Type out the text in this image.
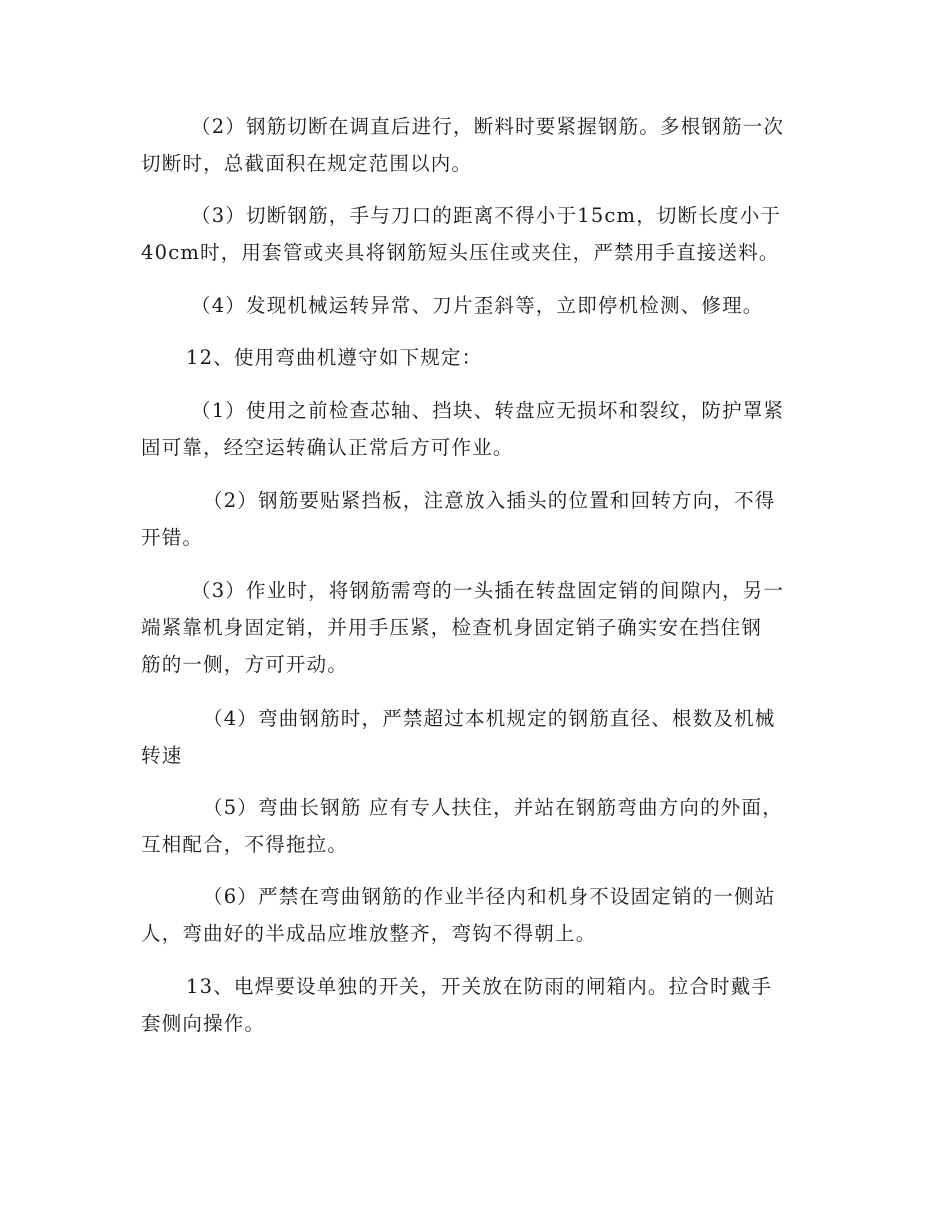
（2）钢筋切断在调直后进行，断料时要紧握钢筋。多根钢筋一次
切断时，总截面积在规定范围以内。
（3）切断钢筋，手与刀口的距离不得小于15cm，切断长度小于
40cm时，用套管或夹具将钢筋短头压住或夹住，严禁用手直接送料。
（4）发现机械运转异常、刀片歪斜等，立即停机检测、修理。
12、使用弯曲机遵守如下规定：
（1）使用之前检查芯轴、挡块、转盘应无损坏和裂纹，防护罩紧
固可靠，经空运转确认正常后方可作业。
（2）钢筋要贴紧挡板，注意放入插头的位置和回转方向，不得
开错。
（3）作业时，将钢筋需弯的一头插在转盘固定销的间隙内，另一
端紧靠机身固定销，并用手压紧，检查机身固定销子确实安在挡住钢
筋的一侧，方可开动。
（4）弯曲钢筋时，严禁超过本机规定的钢筋直径、根数及机械
转速
（5）弯曲长钢筋 应有专人扶住，并站在钢筋弯曲方向的外面，
互相配合，不得拖拉。
（6）严禁在弯曲钢筋的作业半径内和机身不设固定销的一侧站
人，弯曲好的半成品应堆放整齐，弯钩不得朝上。
13、电焊要设单独的开关，开关放在防雨的闸箱内。拉合时戴手
套侧向操作。
